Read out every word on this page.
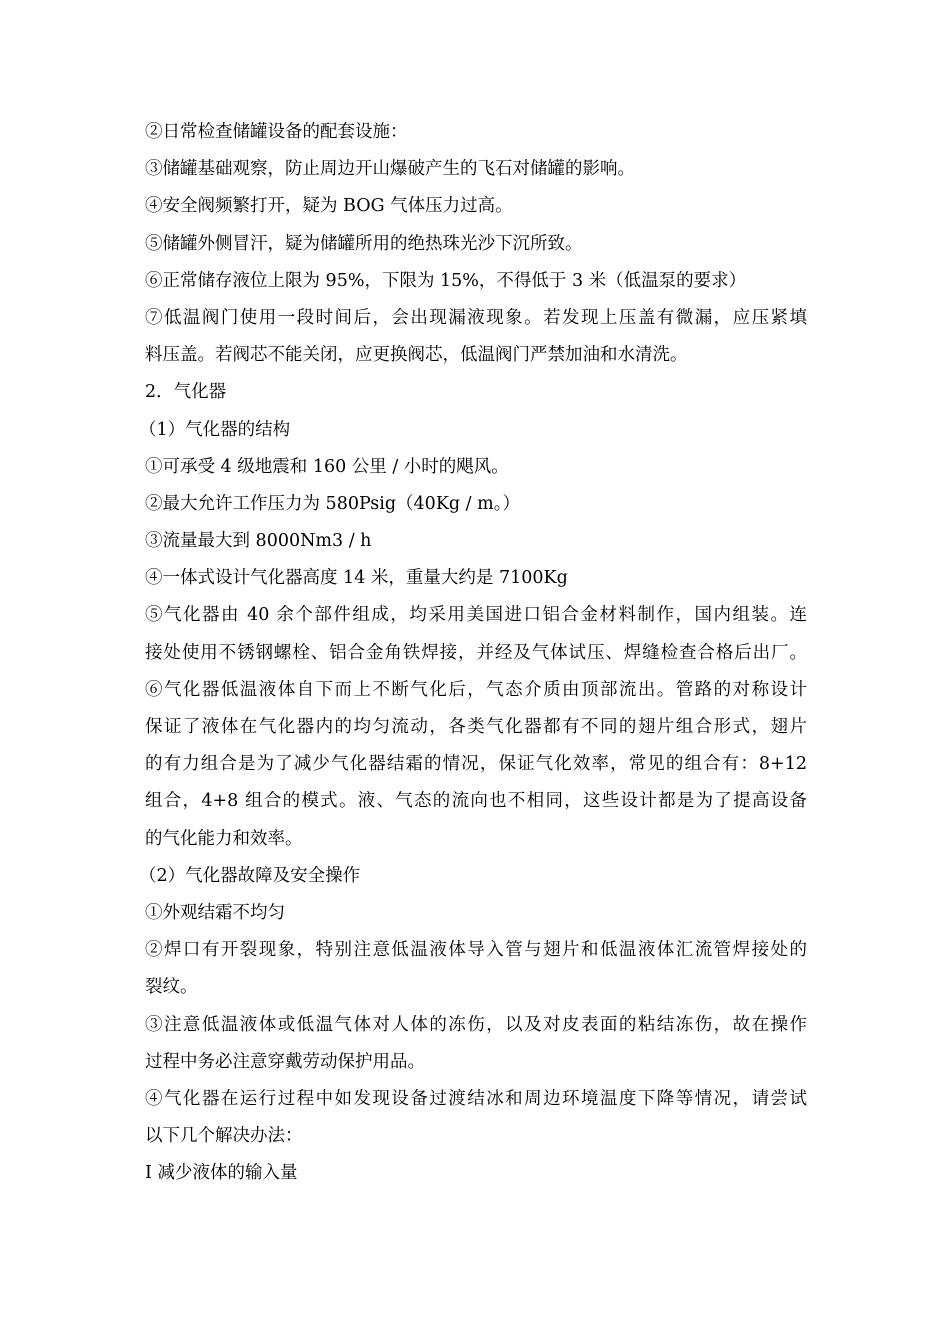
②日常检查储罐设备的配套设施：
③储罐基础观察，防止周边开山爆破产生的飞石对储罐的影响。
④安全阀频繁打开，疑为 BOG 气体压力过高。
⑤储罐外侧冒汗，疑为储罐所用的绝热珠光沙下沉所致。
⑥正常储存液位上限为 95%，下限为 15%，不得低于 3 米（低温泵的要求）
⑦低温阀门使用一段时间后，会出现漏液现象。若发现上压盖有微漏，应压紧填
料压盖。若阀芯不能关闭，应更换阀芯，低温阀门严禁加油和水清洗。
2．气化器
（1）气化器的结构
①可承受 4 级地震和 160 公里 / 小时的飓风。
②最大允许工作压力为 580Psig（40Kg / m。）
③流量最大到 8000Nm3 / h
④一体式设计气化器高度 14 米，重量大约是 7100Kg
⑤气化器由 40 余个部件组成，均采用美国进口铝合金材料制作，国内组装。连
接处使用不锈钢螺栓、铝合金角铁焊接，并经及气体试压、焊缝检查合格后出厂。
⑥气化器低温液体自下而上不断气化后，气态介质由顶部流出。管路的对称设计
保证了液体在气化器内的均匀流动，各类气化器都有不同的翅片组合形式，翅片
的有力组合是为了减少气化器结霜的情况，保证气化效率，常见的组合有：8+12
组合，4+8 组合的模式。液、气态的流向也不相同，这些设计都是为了提高设备
的气化能力和效率。
（2）气化器故障及安全操作
①外观结霜不均匀
②焊口有开裂现象，特别注意低温液体导入管与翅片和低温液体汇流管焊接处的
裂纹。
③注意低温液体或低温气体对人体的冻伤，以及对皮表面的粘结冻伤，故在操作
过程中务必注意穿戴劳动保护用品。
④气化器在运行过程中如发现设备过渡结冰和周边环境温度下降等情况，请尝试
以下几个解决办法：
I 减少液体的输入量
